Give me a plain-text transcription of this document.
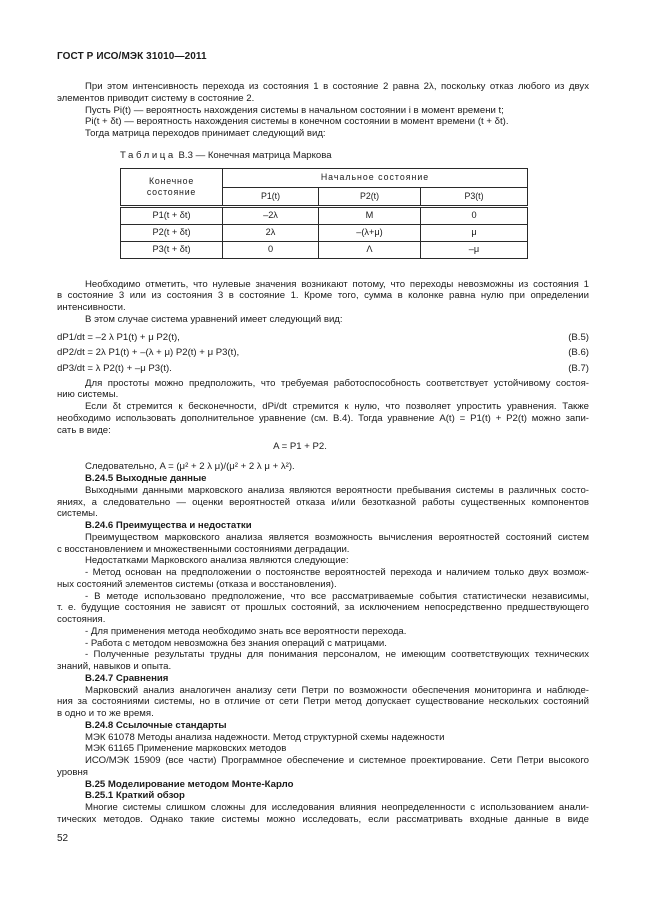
ГОСТ Р ИСО/МЭК 31010—2011
При этом интенсивность перехода из состояния 1 в состояние 2 равна 2λ, поскольку отказ любого из двух
элементов приводит систему в состояние 2.
Пусть Pi(t) — вероятность нахождения системы в начальном состоянии i в момент времени t;
Pi(t + δt) — вероятность нахождения системы в конечном состоянии в момент времени (t + δt).
Тогда матрица переходов принимает следующий вид:
Таблица В.3 — Конечная матрица Маркова
Конечное состояние	Начальное состояние		
	P1(t)	P2(t)	P3(t)
P1(t + δt)	–2λ	M	0
P2(t + δt)	2λ	–(λ+μ)	μ
P3(t + δt)	0	Λ	–μ
Необходимо отметить, что нулевые значения возникают потому, что переходы невозможны из состояния 1
в состояние 3 или из состояния 3 в состояние 1. Кроме того, сумма в колонке равна нулю при определении
интенсивности.
В этом случае система уравнений имеет следующий вид:
dP1/dt = –2 λ P1(t) + μ P2(t),	(В.5)
dP2/dt = 2λ P1(t) + –(λ + μ) P2(t) + μ P3(t),	(В.6)
dP3/dt = λ P2(t) + –μ P3(t).	(В.7)
Для простоты можно предположить, что требуемая работоспособность соответствует устойчивому состоя-
нию системы.
Если δt стремится к бесконечности, dPi/dt стремится к нулю, что позволяет упростить уравнения. Также
необходимо использовать дополнительное уравнение (см. В.4). Тогда уравнение A(t) = P1(t) + P2(t) можно запи-
сать в виде:
A = P1 + P2.
Следовательно, A = (μ² + 2 λ μ)/(μ² + 2 λ μ + λ²).
В.24.5 Выходные данные
Выходными данными марковского анализа являются вероятности пребывания системы в различных состо-
яниях, а следовательно — оценки вероятностей отказа и/или безотказной работы существенных компонентов
системы.
В.24.6 Преимущества и недостатки
Преимуществом марковского анализа является возможность вычисления вероятностей состояний систем
с восстановлением и множественными состояниями деградации.
Недостатками Марковского анализа являются следующие:
- Метод основан на предположении о постоянстве вероятностей перехода и наличием только двух возмож-
ных состояний элементов системы (отказа и восстановления).
- В методе использовано предположение, что все рассматриваемые события статистически независимы,
т. е. будущие состояния не зависят от прошлых состояний, за исключением непосредственно предшествующего
состояния.
- Для применения метода необходимо знать все вероятности перехода.
- Работа с методом невозможна без знания операций с матрицами.
- Полученные результаты трудны для понимания персоналом, не имеющим соответствующих технических
знаний, навыков и опыта.
В.24.7 Сравнения
Марковский анализ аналогичен анализу сети Петри по возможности обеспечения мониторинга и наблюде-
ния за состояниями системы, но в отличие от сети Петри метод допускает существование нескольких состояний
в одно и то же время.
В.24.8 Ссылочные стандарты
МЭК 61078 Методы анализа надежности. Метод структурной схемы надежности
МЭК 61165 Применение марковских методов
ИСО/МЭК 15909 (все части) Программное обеспечение и системное проектирование. Сети Петри высокого
уровня
В.25 Моделирование методом Монте-Карло
В.25.1 Краткий обзор
Многие системы слишком сложны для исследования влияния неопределенности с использованием анали-
тических методов. Однако такие системы можно исследовать, если рассматривать входные данные в виде
52
